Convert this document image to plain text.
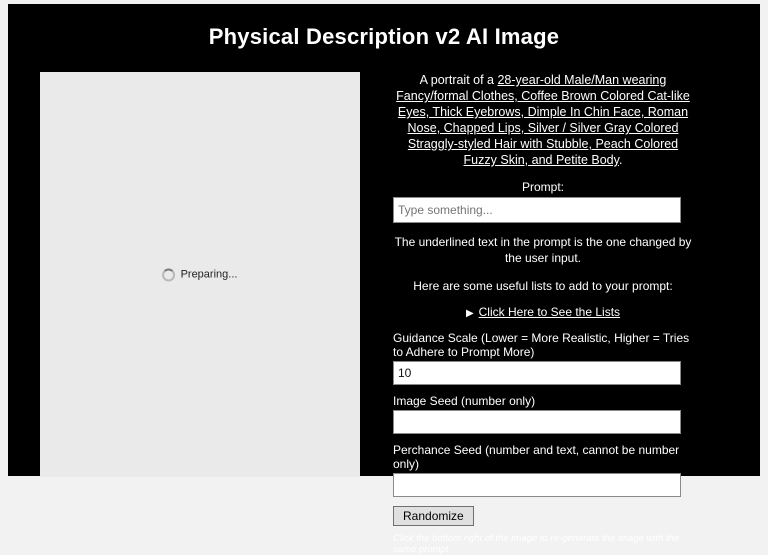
Physical Description v2 AI Image
Preparing...
A portrait of a 28-year-old Male/Man wearing Fancy/formal Clothes, Coffee Brown Colored Cat-like Eyes, Thick Eyebrows, Dimple In Chin Face, Roman Nose, Chapped Lips, Silver / Silver Gray Colored Straggly-styled Hair with Stubble, Peach Colored Fuzzy Skin, and Petite Body.
Prompt:
Type something...
The underlined text in the prompt is the one changed by the user input.
Here are some useful lists to add to your prompt:
▶ Click Here to See the Lists
Guidance Scale (Lower = More Realistic, Higher = Tries to Adhere to Prompt More)
10
Image Seed (number only)
Perchance Seed (number and text, cannot be number only)
Randomize
Click the bottom right of the image to re-generate the image with the same prompt
